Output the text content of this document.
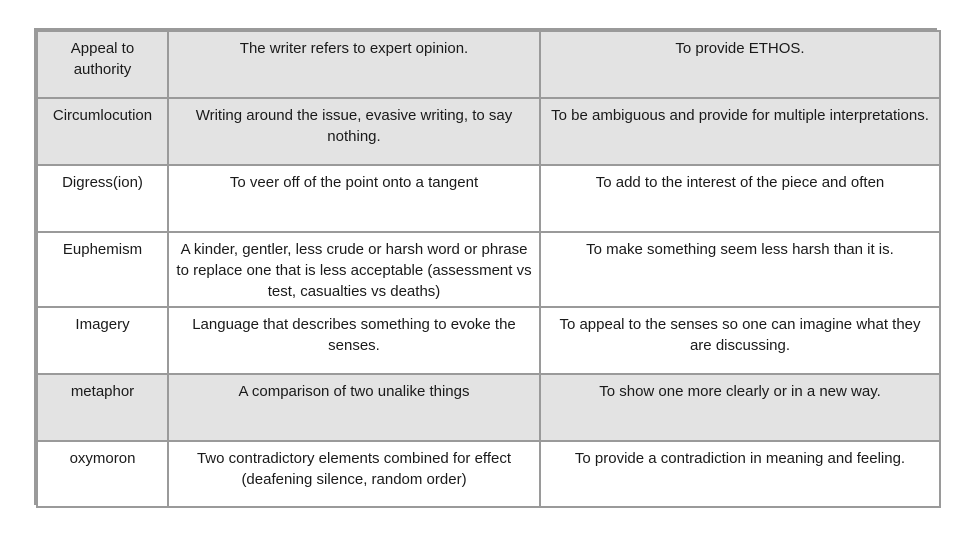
Appeal to authority	The writer refers to expert opinion.	To provide ETHOS.
Circumlocution	Writing around the issue, evasive writing, to say nothing.	To be ambiguous and provide for multiple interpretations.
Digress(ion)	To veer off of the point onto a tangent	To add to the interest of the piece and often
Euphemism	A kinder, gentler, less crude or harsh word or phrase to replace one that is less acceptable (assessment vs test, casualties vs deaths)	To make something seem less harsh than it is.
Imagery	Language that describes something to evoke the senses.	To appeal to the senses so one can imagine what they are discussing.
metaphor	A comparison of two unalike things	To show one more clearly or in a new way.
oxymoron	Two contradictory elements combined for effect (deafening silence, random order)	To provide a contradiction in meaning and feeling.
